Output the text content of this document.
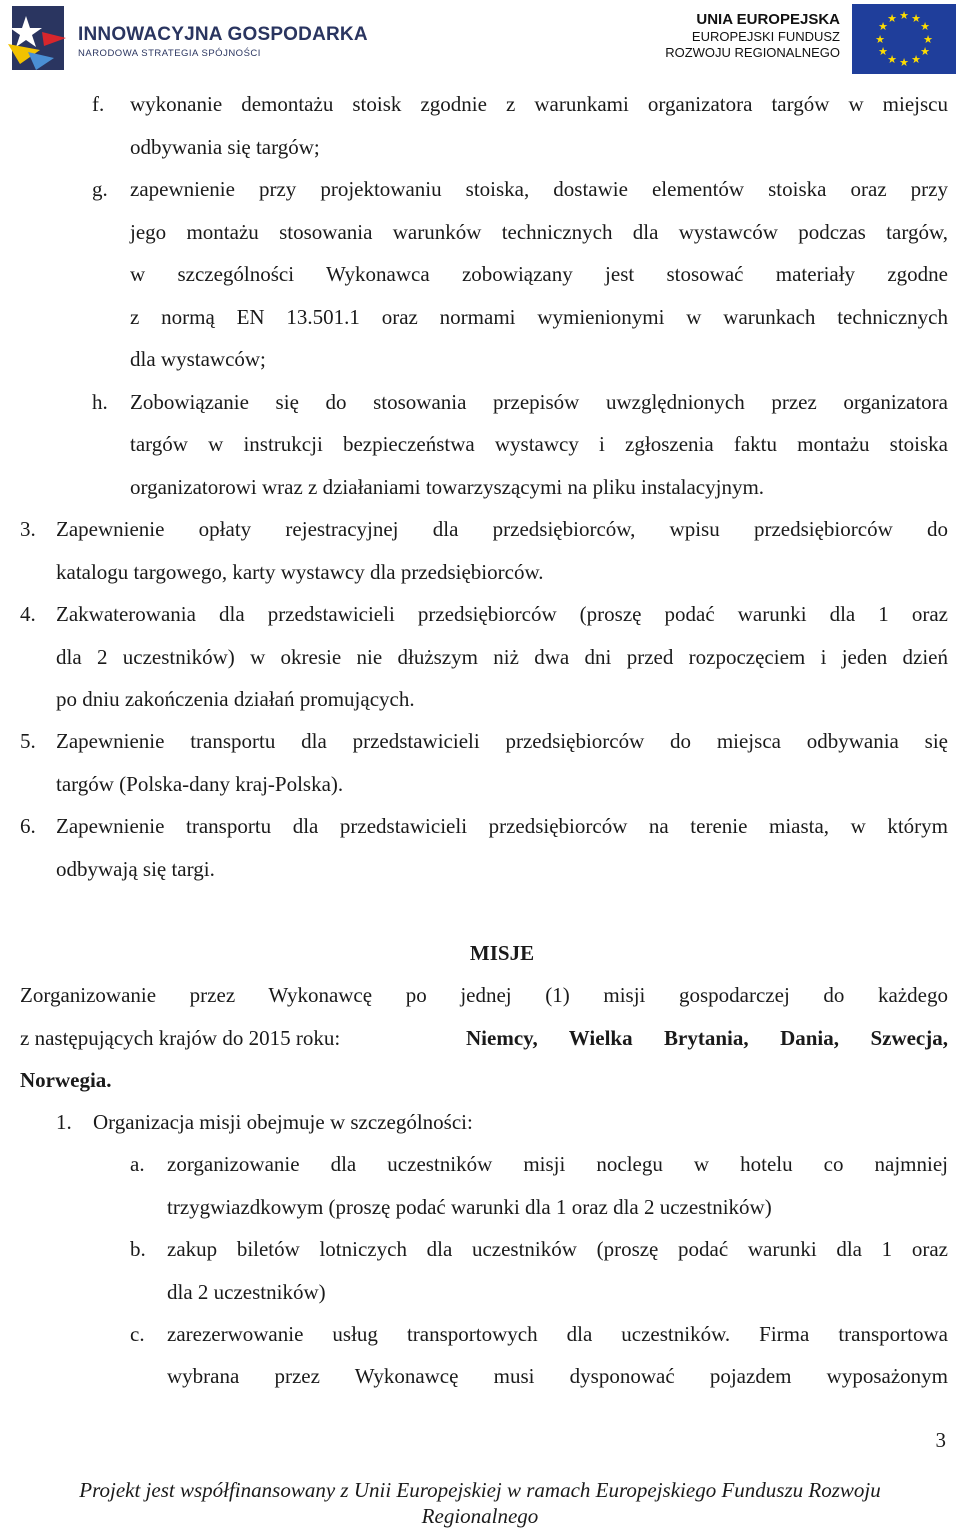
INNOWACYJNA GOSPODARKA
NARODOWA STRATEGIA SPÓJNOŚCI
UNIA EUROPEJSKA
EUROPEJSKI FUNDUSZ
ROZWOJU REGIONALNEGO
★ ★
★
★
★
★
★
★
★
★
★
★
f. wykonanie demontażu stoisk zgodnie z warunkami organizatora targów w miejscu
odbywania się targów;
g. zapewnienie przy projektowaniu stoiska, dostawie elementów stoiska oraz przy
jego montażu stosowania warunków technicznych dla wystawców podczas targów,
w szczególności Wykonawca zobowiązany jest stosować materiały zgodne
z normą EN 13.501.1 oraz normami wymienionymi w warunkach technicznych
dla wystawców;
h. Zobowiązanie się do stosowania przepisów uwzględnionych przez organizatora
targów w instrukcji bezpieczeństwa wystawcy i zgłoszenia faktu montażu stoiska
organizatorowi wraz z działaniami towarzyszącymi na pliku instalacyjnym.
3. Zapewnienie opłaty rejestracyjnej dla przedsiębiorców, wpisu przedsiębiorców do
katalogu targowego, karty wystawcy dla przedsiębiorców.
4. Zakwaterowania dla przedstawicieli przedsiębiorców (proszę podać warunki dla 1 oraz
dla 2 uczestników) w okresie nie dłuższym niż dwa dni przed rozpoczęciem i jeden dzień
po dniu zakończenia działań promujących.
5. Zapewnienie transportu dla przedstawicieli przedsiębiorców do miejsca odbywania się
targów (Polska-dany kraj-Polska).
6. Zapewnienie transportu dla przedstawicieli przedsiębiorców na terenie miasta, w którym
odbywają się targi.
MISJE
Zorganizowanie przez Wykonawcę po jednej (1) misji gospodarczej do każdego
z następujących krajów do 2015 roku:	Niemcy, Wielka Brytania, Dania, Szwecja,
Norwegia.
1. Organizacja misji obejmuje w szczególności:
a. zorganizowanie dla uczestników misji noclegu w hotelu co najmniej
trzygwiazdkowym (proszę podać warunki dla 1 oraz dla 2 uczestników)
b. zakup biletów lotniczych dla uczestników (proszę podać warunki dla 1 oraz
dla 2 uczestników)
c. zarezerwowanie usług transportowych dla uczestników. Firma transportowa
wybrana przez Wykonawcę musi dysponować pojazdem wyposażonym
3
Projekt jest współfinansowany z Unii Europejskiej w ramach Europejskiego Funduszu Rozwoju
Regionalnego
